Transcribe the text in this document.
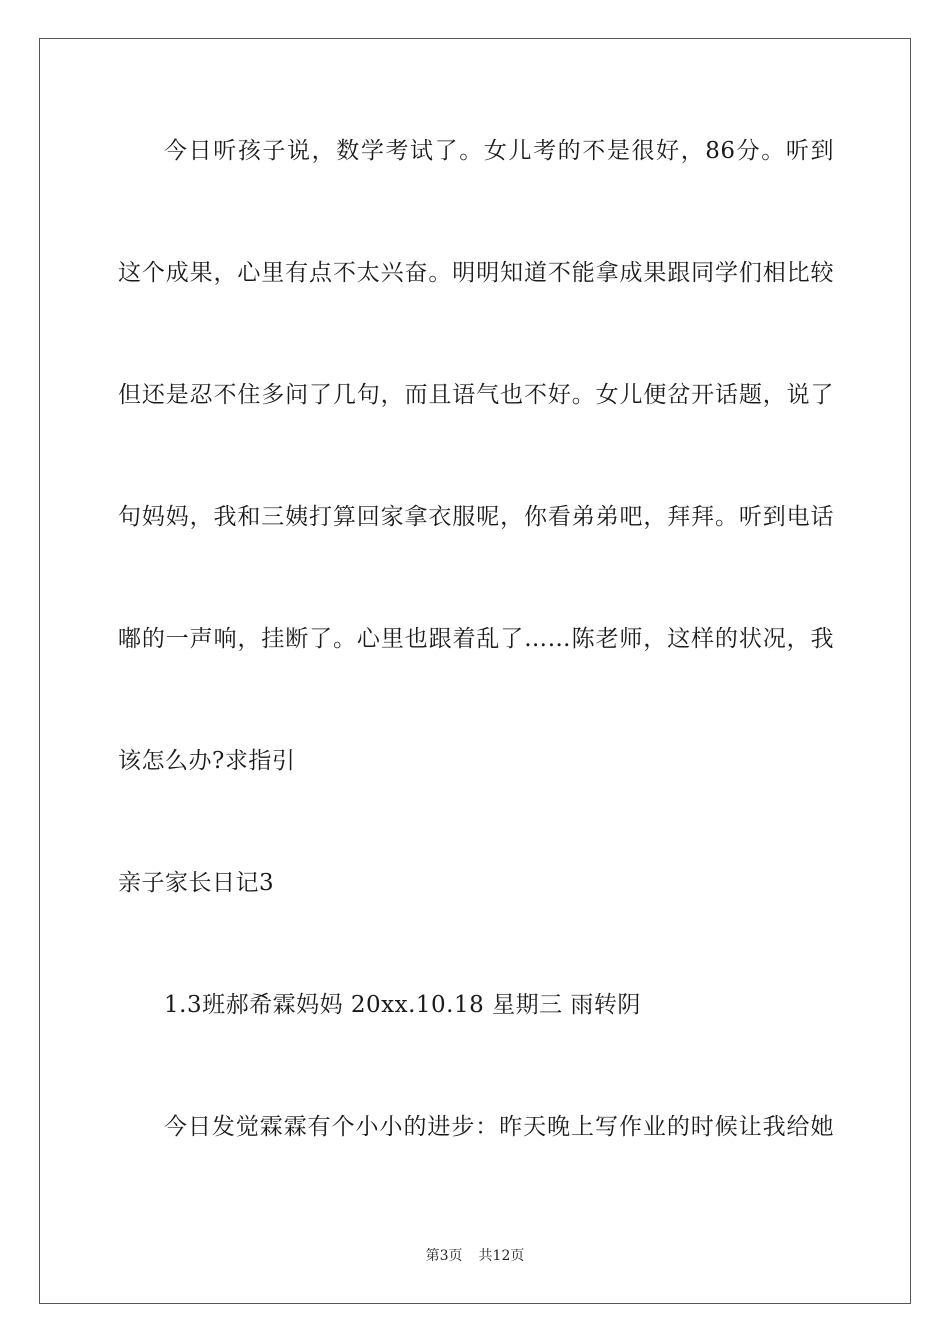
今日听孩子说，数学考试了。女儿考的不是很好，86分。听到
这个成果，心里有点不太兴奋。明明知道不能拿成果跟同学们相比较
但还是忍不住多问了几句，而且语气也不好。女儿便岔开话题，说了
句妈妈，我和三姨打算回家拿衣服呢，你看弟弟吧，拜拜。听到电话
嘟的一声响，挂断了。心里也跟着乱了……陈老师，这样的状况，我
该怎么办?求指引
亲子家长日记3
1.3班郝希霖妈妈 20xx.10.18 星期三 雨转阴
今日发觉霖霖有个小小的进步：昨天晚上写作业的时候让我给她
第3页 共12页
